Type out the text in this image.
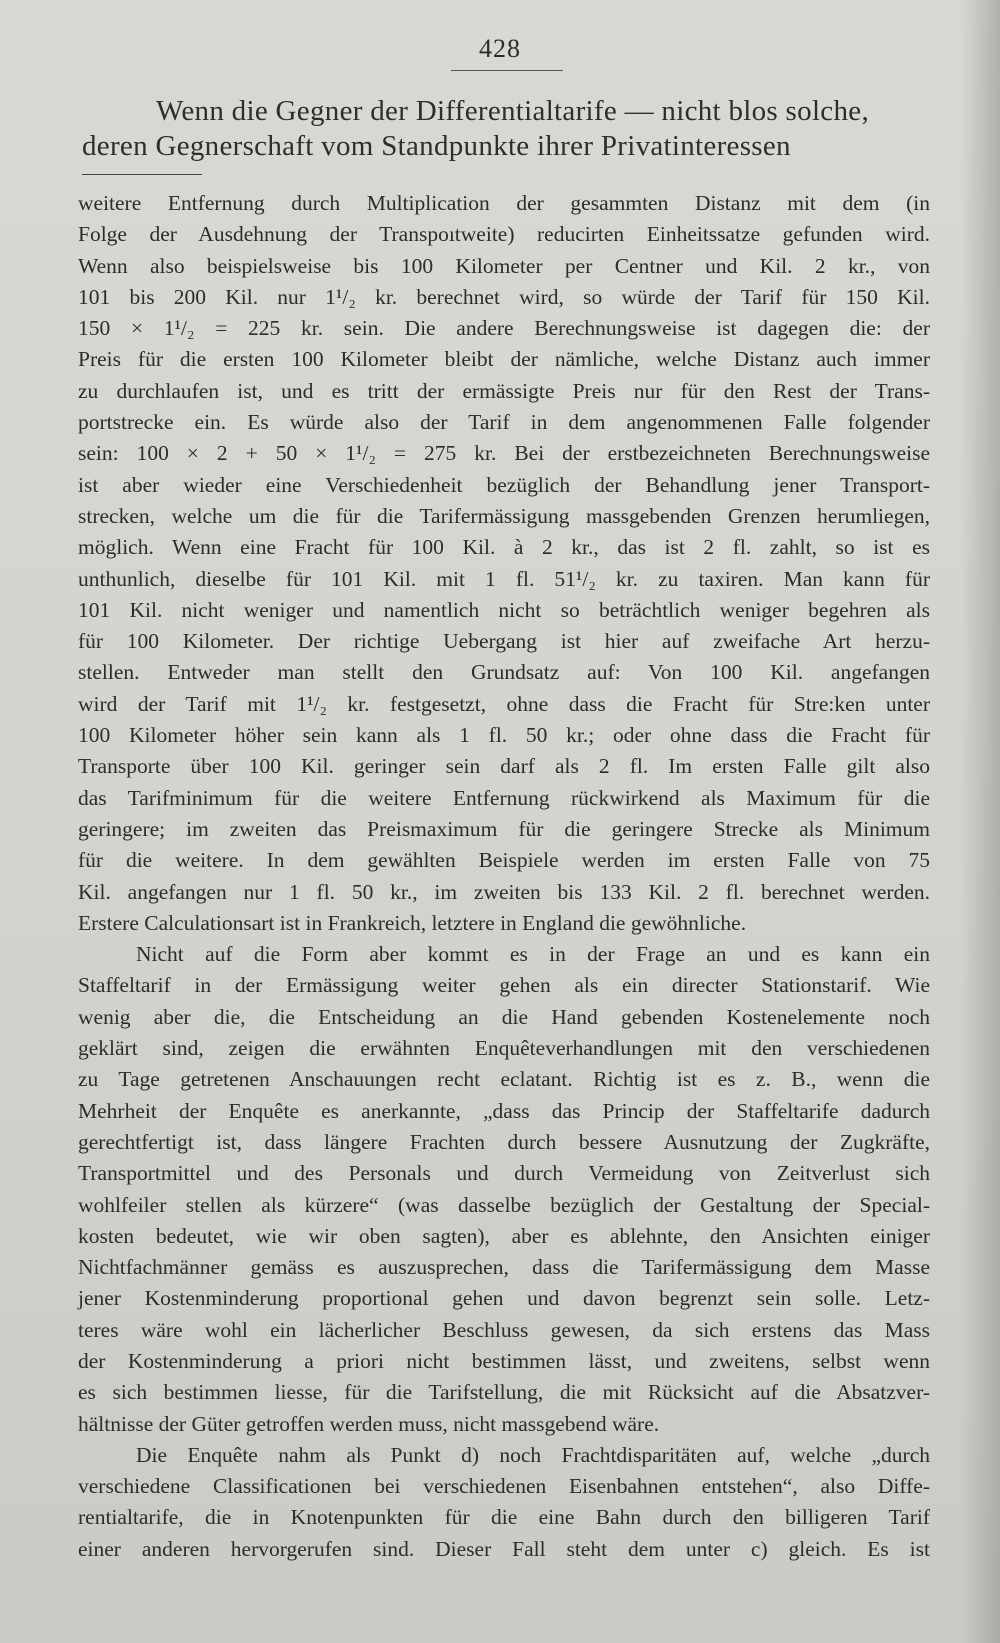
428
Wenn die Gegner der Differentialtarife — nicht blos solche,
deren Gegnerschaft vom Standpunkte ihrer Privatinteressen
weitere Entfernung durch Multiplication der gesammten Distanz mit dem (in
Folge der Ausdehnung der Transpoıtweite) reducirten Einheitssatze gefunden wird.
Wenn also beispielsweise bis 100 Kilometer per Centner und Kil. 2 kr., von
101 bis 200 Kil. nur 1¹/₂ kr. berechnet wird, so würde der Tarif für 150 Kil.
150 × 1¹/₂ = 225 kr. sein. Die andere Berechnungsweise ist dagegen die: der
Preis für die ersten 100 Kilometer bleibt der nämliche, welche Distanz auch immer
zu durchlaufen ist, und es tritt der ermässigte Preis nur für den Rest der Trans-
portstrecke ein. Es würde also der Tarif in dem angenommenen Falle folgender
sein: 100 × 2 + 50 × 1¹/₂ = 275 kr. Bei der erstbezeichneten Berechnungsweise
ist aber wieder eine Verschiedenheit bezüglich der Behandlung jener Transport-
strecken, welche um die für die Tarifermässigung massgebenden Grenzen herumliegen,
möglich. Wenn eine Fracht für 100 Kil. à 2 kr., das ist 2 fl. zahlt, so ist es
unthunlich, dieselbe für 101 Kil. mit 1 fl. 51¹/₂ kr. zu taxiren. Man kann für
101 Kil. nicht weniger und namentlich nicht so beträchtlich weniger begehren als
für 100 Kilometer. Der richtige Uebergang ist hier auf zweifache Art herzu-
stellen. Entweder man stellt den Grundsatz auf: Von 100 Kil. angefangen
wird der Tarif mit 1¹/₂ kr. festgesetzt, ohne dass die Fracht für Stre:ken unter
100 Kilometer höher sein kann als 1 fl. 50 kr.; oder ohne dass die Fracht für
Transporte über 100 Kil. geringer sein darf als 2 fl. Im ersten Falle gilt also
das Tarifminimum für die weitere Entfernung rückwirkend als Maximum für die
geringere; im zweiten das Preismaximum für die geringere Strecke als Minimum
für die weitere. In dem gewählten Beispiele werden im ersten Falle von 75
Kil. angefangen nur 1 fl. 50 kr., im zweiten bis 133 Kil. 2 fl. berechnet werden.
Erstere Calculationsart ist in Frankreich, letztere in England die gewöhnliche.
Nicht auf die Form aber kommt es in der Frage an und es kann ein
Staffeltarif in der Ermässigung weiter gehen als ein directer Stationstarif. Wie
wenig aber die, die Entscheidung an die Hand gebenden Kostenelemente noch
geklärt sind, zeigen die erwähnten Enquêteverhandlungen mit den verschiedenen
zu Tage getretenen Anschauungen recht eclatant. Richtig ist es z. B., wenn die
Mehrheit der Enquête es anerkannte, „dass das Princip der Staffeltarife dadurch
gerechtfertigt ist, dass längere Frachten durch bessere Ausnutzung der Zugkräfte,
Transportmittel und des Personals und durch Vermeidung von Zeitverlust sich
wohlfeiler stellen als kürzere“ (was dasselbe bezüglich der Gestaltung der Special-
kosten bedeutet, wie wir oben sagten), aber es ablehnte, den Ansichten einiger
Nichtfachmänner gemäss es auszusprechen, dass die Tarifermässigung dem Masse
jener Kostenminderung proportional gehen und davon begrenzt sein solle. Letz-
teres wäre wohl ein lächerlicher Beschluss gewesen, da sich erstens das Mass
der Kostenminderung a priori nicht bestimmen lässt, und zweitens, selbst wenn
es sich bestimmen liesse, für die Tarifstellung, die mit Rücksicht auf die Absatzver-
hältnisse der Güter getroffen werden muss, nicht massgebend wäre.
Die Enquête nahm als Punkt d) noch Frachtdisparitäten auf, welche „durch
verschiedene Classificationen bei verschiedenen Eisenbahnen entstehen“, also Diffe-
rentialtarife, die in Knotenpunkten für die eine Bahn durch den billigeren Tarif
einer anderen hervorgerufen sind. Dieser Fall steht dem unter c) gleich. Es ist
